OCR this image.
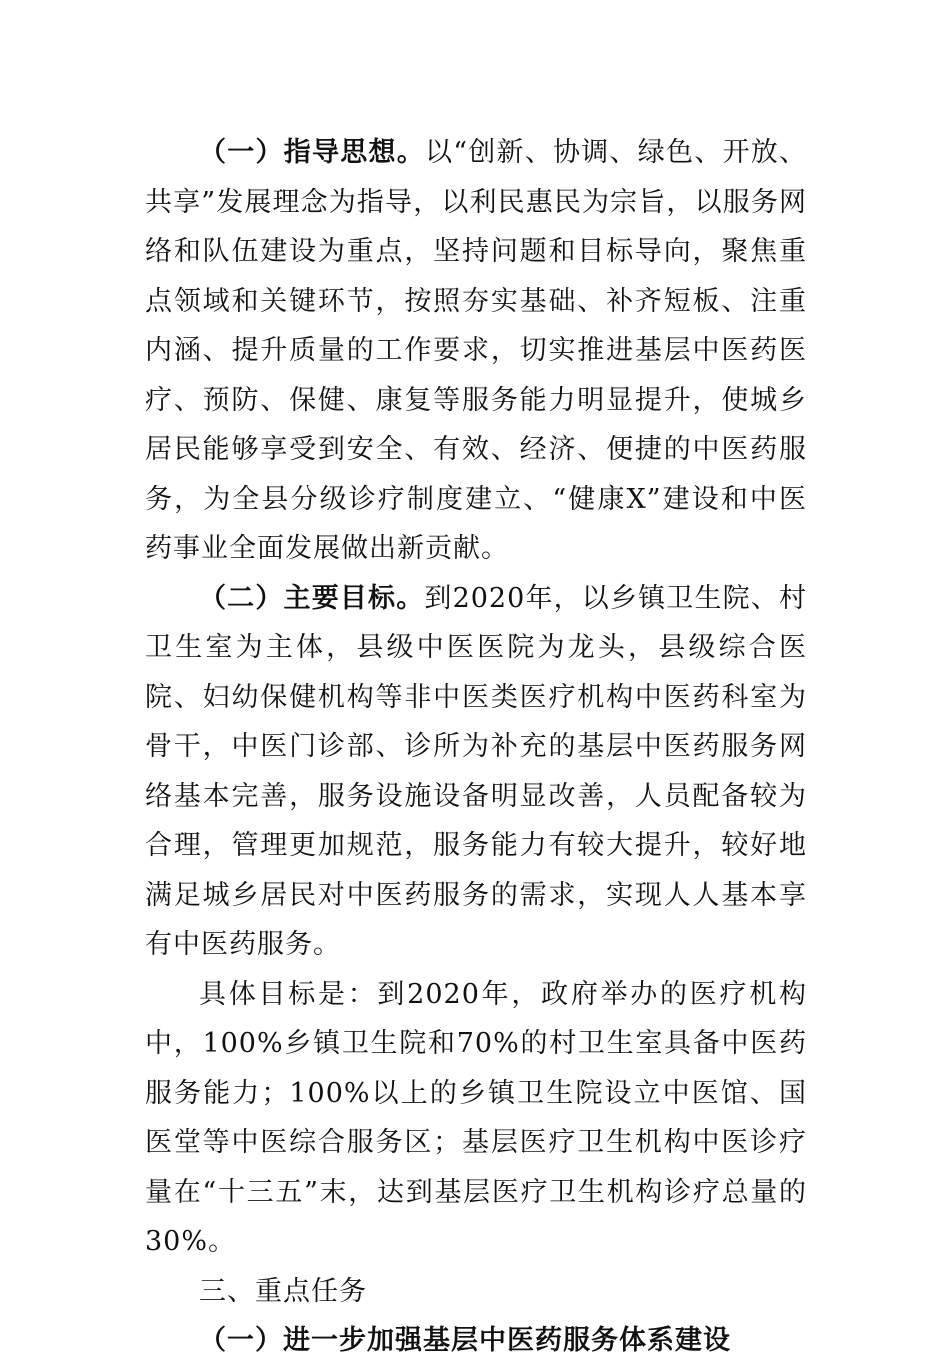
（一）指导思想。以“创新、协调、绿色、开放、共享”发展理念为指导，以利民惠民为宗旨，以服务网络和队伍建设为重点，坚持问题和目标导向，聚焦重点领域和关键环节，按照夯实基础、补齐短板、注重内涵、提升质量的工作要求，切实推进基层中医药医疗、预防、保健、康复等服务能力明显提升，使城乡居民能够享受到安全、有效、经济、便捷的中医药服务，为全县分级诊疗制度建立、“健康X”建设和中医药事业全面发展做出新贡献。

（二）主要目标。到2020年，以乡镇卫生院、村卫生室为主体，县级中医医院为龙头，县级综合医院、妇幼保健机构等非中医类医疗机构中医药科室为骨干，中医门诊部、诊所为补充的基层中医药服务网络基本完善，服务设施设备明显改善，人员配备较为合理，管理更加规范，服务能力有较大提升，较好地满足城乡居民对中医药服务的需求，实现人人基本享有中医药服务。

具体目标是：到2020年，政府举办的医疗机构中，100%乡镇卫生院和70%的村卫生室具备中医药服务能力；100%以上的乡镇卫生院设立中医馆、国医堂等中医综合服务区；基层医疗卫生机构中医诊疗量在“十三五”末，达到基层医疗卫生机构诊疗总量的30%。

三、重点任务

（一）进一步加强基层中医药服务体系建设
